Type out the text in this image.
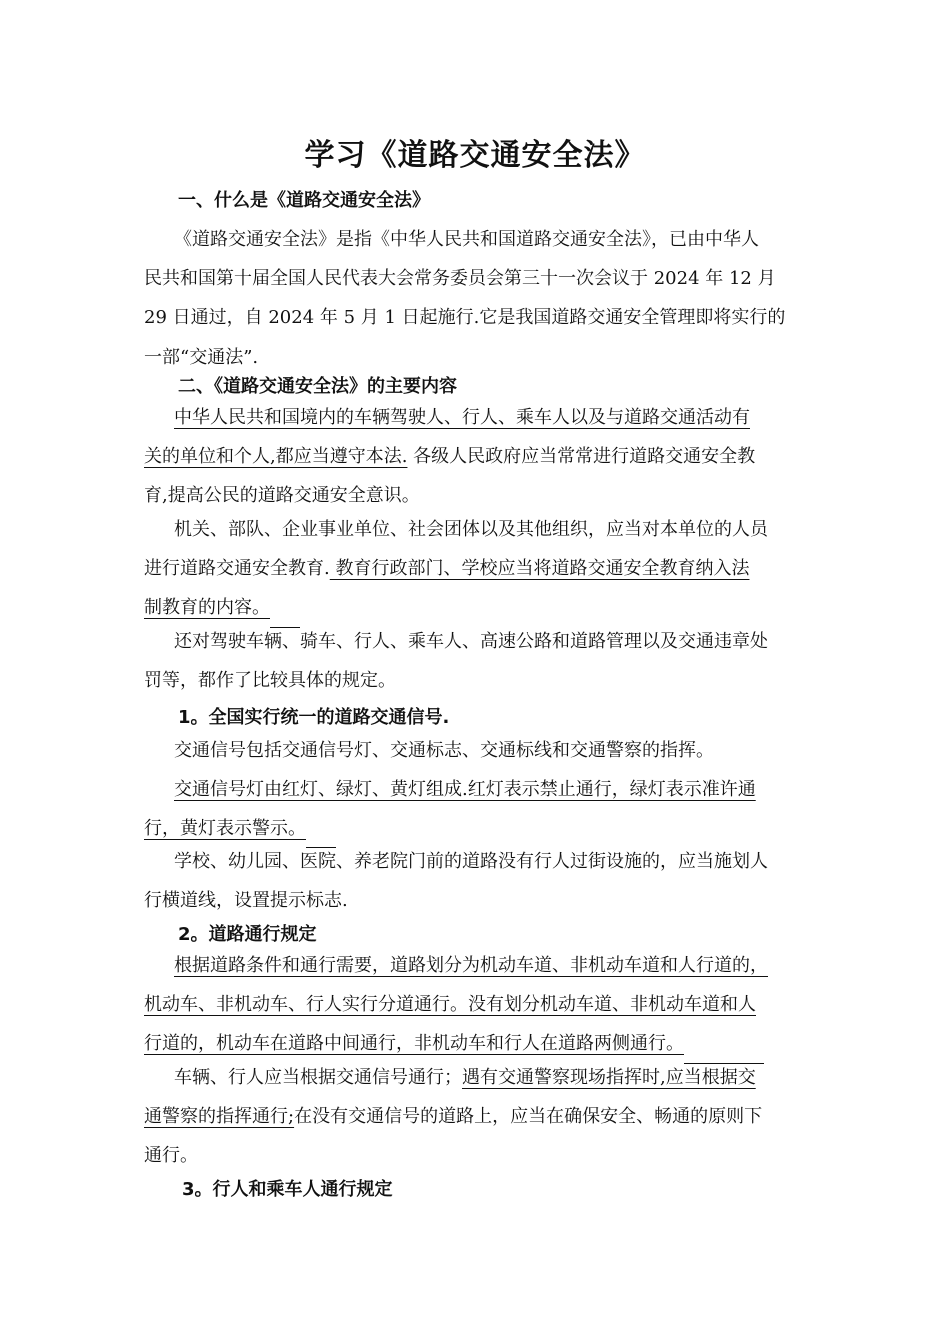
学习《道路交通安全法》
一、什么是《道路交通安全法》
《道路交通安全法》是指《中华人民共和国道路交通安全法》，已由中华人
民共和国第十届全国人民代表大会常务委员会第三十一次会议于 2024 年 12 月
29 日通过，自 2024 年 5 月 1 日起施行.它是我国道路交通安全管理即将实行的
一部“交通法”.
二、《道路交通安全法》的主要内容
中华人民共和国境内的车辆驾驶人、行人、乘车人以及与道路交通活动有
关的单位和个人,都应当遵守本法. 各级人民政府应当常常进行道路交通安全教
育,提高公民的道路交通安全意识。
机关、部队、企业事业单位、社会团体以及其他组织，应当对本单位的人员
进行道路交通安全教育. 教育行政部门、学校应当将道路交通安全教育纳入法
制教育的内容。
还对驾驶车辆、骑车、行人、乘车人、高速公路和道路管理以及交通违章处
罚等，都作了比较具体的规定。
1。全国实行统一的道路交通信号.
交通信号包括交通信号灯、交通标志、交通标线和交通警察的指挥。
交通信号灯由红灯、绿灯、黄灯组成.红灯表示禁止通行，绿灯表示准许通
行，黄灯表示警示。
学校、幼儿园、医院、养老院门前的道路没有行人过街设施的，应当施划人
行横道线，设置提示标志.
2。道路通行规定
根据道路条件和通行需要，道路划分为机动车道、非机动车道和人行道的，
机动车、非机动车、行人实行分道通行。没有划分机动车道、非机动车道和人
行道的，机动车在道路中间通行，非机动车和行人在道路两侧通行。
车辆、行人应当根据交通信号通行；遇有交通警察现场指挥时,应当根据交
通警察的指挥通行;在没有交通信号的道路上，应当在确保安全、畅通的原则下
通行。
3。行人和乘车人通行规定
